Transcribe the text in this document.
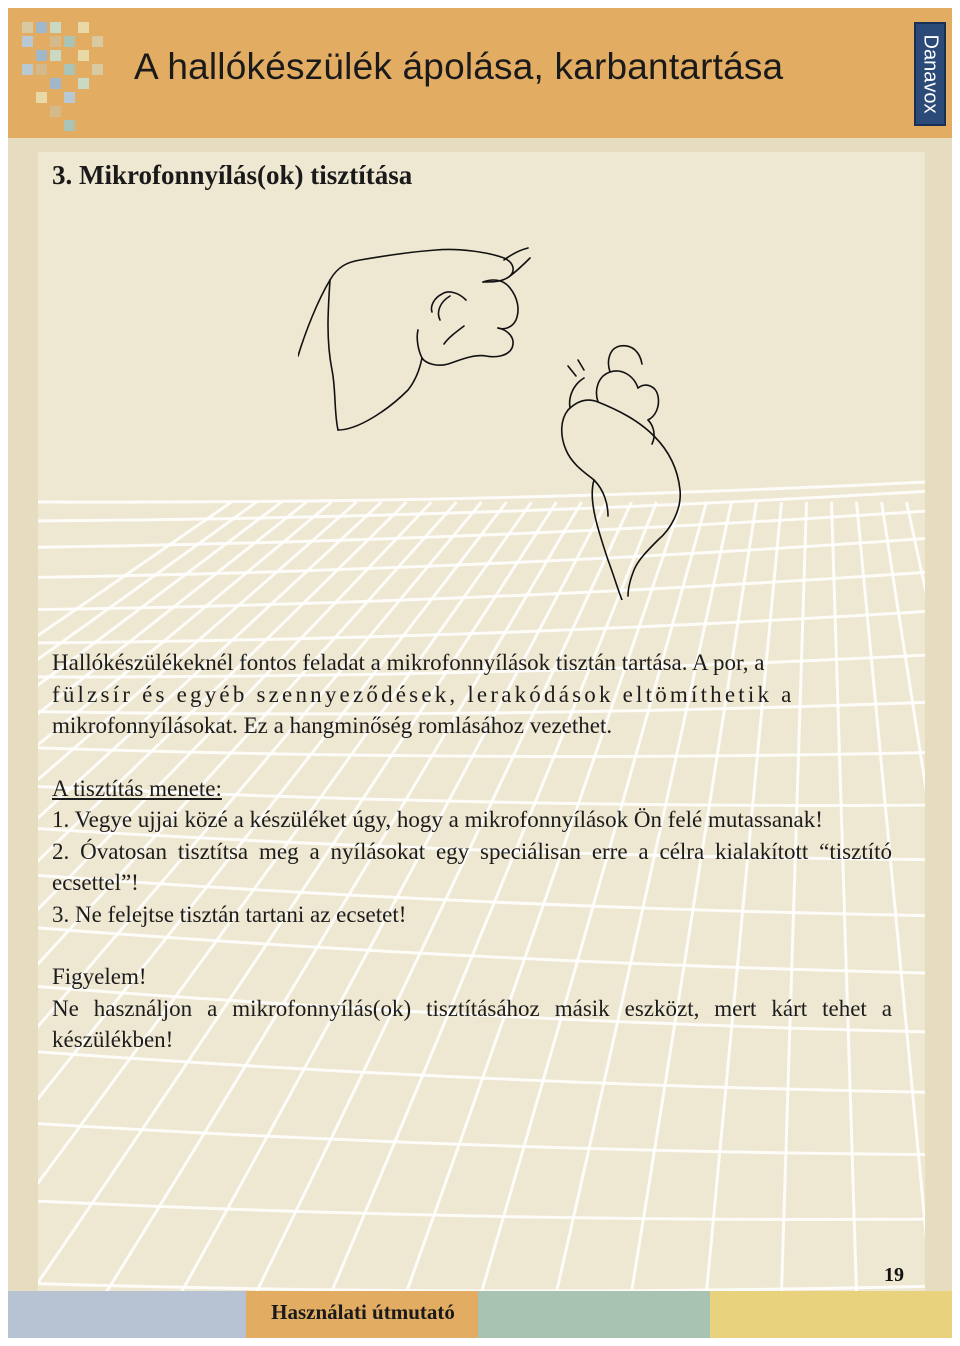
A hallókészülék ápolása, karbantartása	Danavox
3. Mikrofonnyílás(ok) tisztítása

Hallókészülékeknél fontos feladat a mikrofonnyílások tisztán tartása. A por, a

fülzsír és egyéb szennyeződések, lerakódások eltömíthetik a

mikrofonnyílásokat. Ez a hangminőség romlásához vezethet.

A tisztítás menete:

1. Vegye ujjai közé a készüléket úgy, hogy a mikrofonnyílások Ön felé mutassanak!

2. Óvatosan tisztítsa meg a nyílásokat egy speciálisan erre a célra kialakított “tisztító ecsettel”!

3. Ne felejtse tisztán tartani az ecsetet!

Figyelem!

Ne használjon a mikrofonnyílás(ok) tisztításához másik eszközt, mert kárt tehet a készülékben!

19
Használati útmutató
